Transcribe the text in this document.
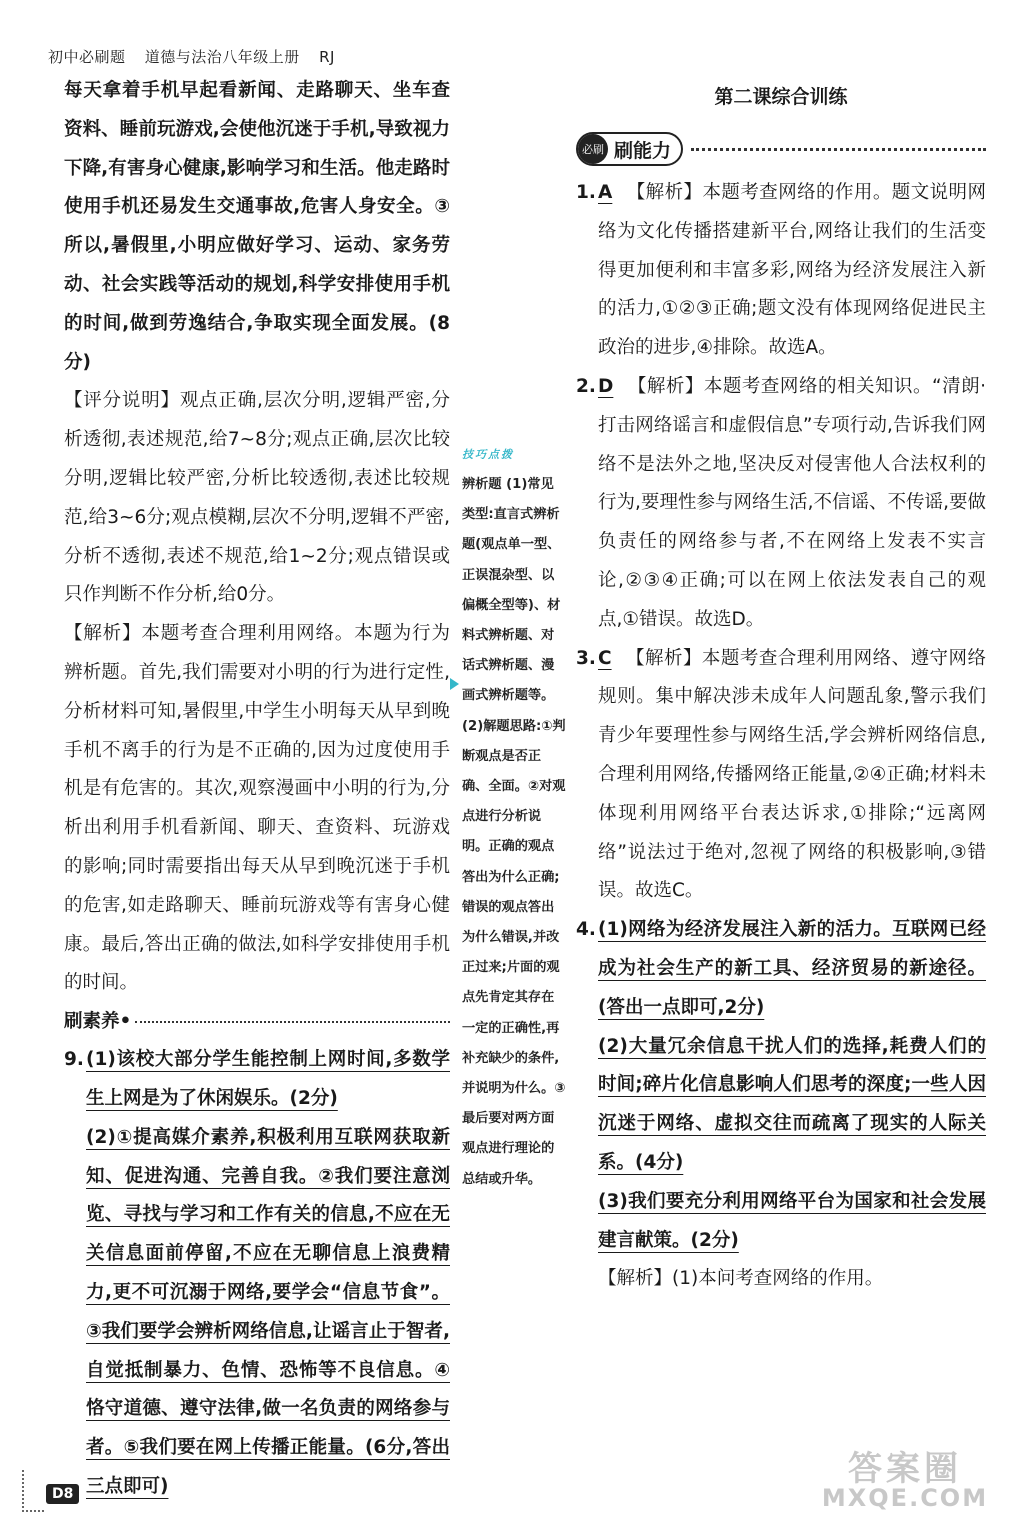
初中必刷题 道德与法治八年级上册 RJ

每天拿着手机早起看新闻、走路聊天、坐车查资料、睡前玩游戏,会使他沉迷于手机,导致视力下降,有害身心健康,影响学习和生活。他走路时使用手机还易发生交通事故,危害人身安全。③所以,暑假里,小明应做好学习、运动、家务劳动、社会实践等活动的规划,科学安排使用手机的时间,做到劳逸结合,争取实现全面发展。(8分)

【评分说明】观点正确,层次分明,逻辑严密,分析透彻,表述规范,给7~8分;观点正确,层次比较分明,逻辑比较严密,分析比较透彻,表述比较规范,给3~6分;观点模糊,层次不分明,逻辑不严密,分析不透彻,表述不规范,给1~2分;观点错误或只作判断不作分析,给0分。

【解析】本题考查合理利用网络。本题为行为辨析题。首先,我们需要对小明的行为进行定性,分析材料可知,暑假里,中学生小明每天从早到晚手机不离手的行为是不正确的,因为过度使用手机是有危害的。其次,观察漫画中小明的行为,分析出利用手机看新闻、聊天、查资料、玩游戏的影响;同时需要指出每天从早到晚沉迷于手机的危害,如走路聊天、睡前玩游戏等有害身心健康。最后,答出正确的做法,如科学安排使用手机的时间。

刷素养 •
9. (1)该校大部分学生能控制上网时间,多数学生上网是为了休闲娱乐。(2分)

(2)①提高媒介素养,积极利用互联网获取新知、促进沟通、完善自我。②我们要注意浏览、寻找与学习和工作有关的信息,不应在无关信息面前停留,不应在无聊信息上浪费精力,更不可沉溺于网络,要学会“信息节食”。③我们要学会辨析网络信息,让谣言止于智者,自觉抵制暴力、色情、恐怖等不良信息。④恪守道德、遵守法律,做一名负责的网络参与者。⑤我们要在网上传播正能量。(6分,答出三点即可)

技巧点拨

辨析题 (1)常见类型:直言式辨析题(观点单一型、正误混杂型、以偏概全型等)、材料式辨析题、对话式辨析题、漫画式辨析题等。(2)解题思路:①判断观点是否正确、全面。②对观点进行分析说明。正确的观点答出为什么正确;错误的观点答出为什么错误,并改正过来;片面的观点先肯定其存在一定的正确性,再补充缺少的条件,并说明为什么。③最后要对两方面观点进行理论的总结或升华。

第二课综合训练
必刷 刷能力
1. A 【解析】本题考查网络的作用。题文说明网络为文化传播搭建新平台,网络让我们的生活变得更加便利和丰富多彩,网络为经济发展注入新的活力,①②③正确;题文没有体现网络促进民主政治的进步,④排除。故选A。

2. D 【解析】本题考查网络的相关知识。“清朗·打击网络谣言和虚假信息”专项行动,告诉我们网络不是法外之地,坚决反对侵害他人合法权利的行为,要理性参与网络生活,不信谣、不传谣,要做负责任的网络参与者,不在网络上发表不实言论,②③④正确;可以在网上依法发表自己的观点,①错误。故选D。

3. C 【解析】本题考查合理利用网络、遵守网络规则。集中解决涉未成年人问题乱象,警示我们青少年要理性参与网络生活,学会辨析网络信息,合理利用网络,传播网络正能量,②④正确;材料未体现利用网络平台表达诉求,①排除;“远离网络”说法过于绝对,忽视了网络的积极影响,③错误。故选C。

4. (1)网络为经济发展注入新的活力。互联网已经成为社会生产的新工具、经济贸易的新途径。(答出一点即可,2分)

(2)大量冗余信息干扰人们的选择,耗费人们的时间;碎片化信息影响人们思考的深度;一些人因沉迷于网络、虚拟交往而疏离了现实的人际关系。(4分)

(3)我们要充分利用网络平台为国家和社会发展建言献策。(2分)

【解析】(1)本问考查网络的作用。

D8
答案圈
MXQE.COM
